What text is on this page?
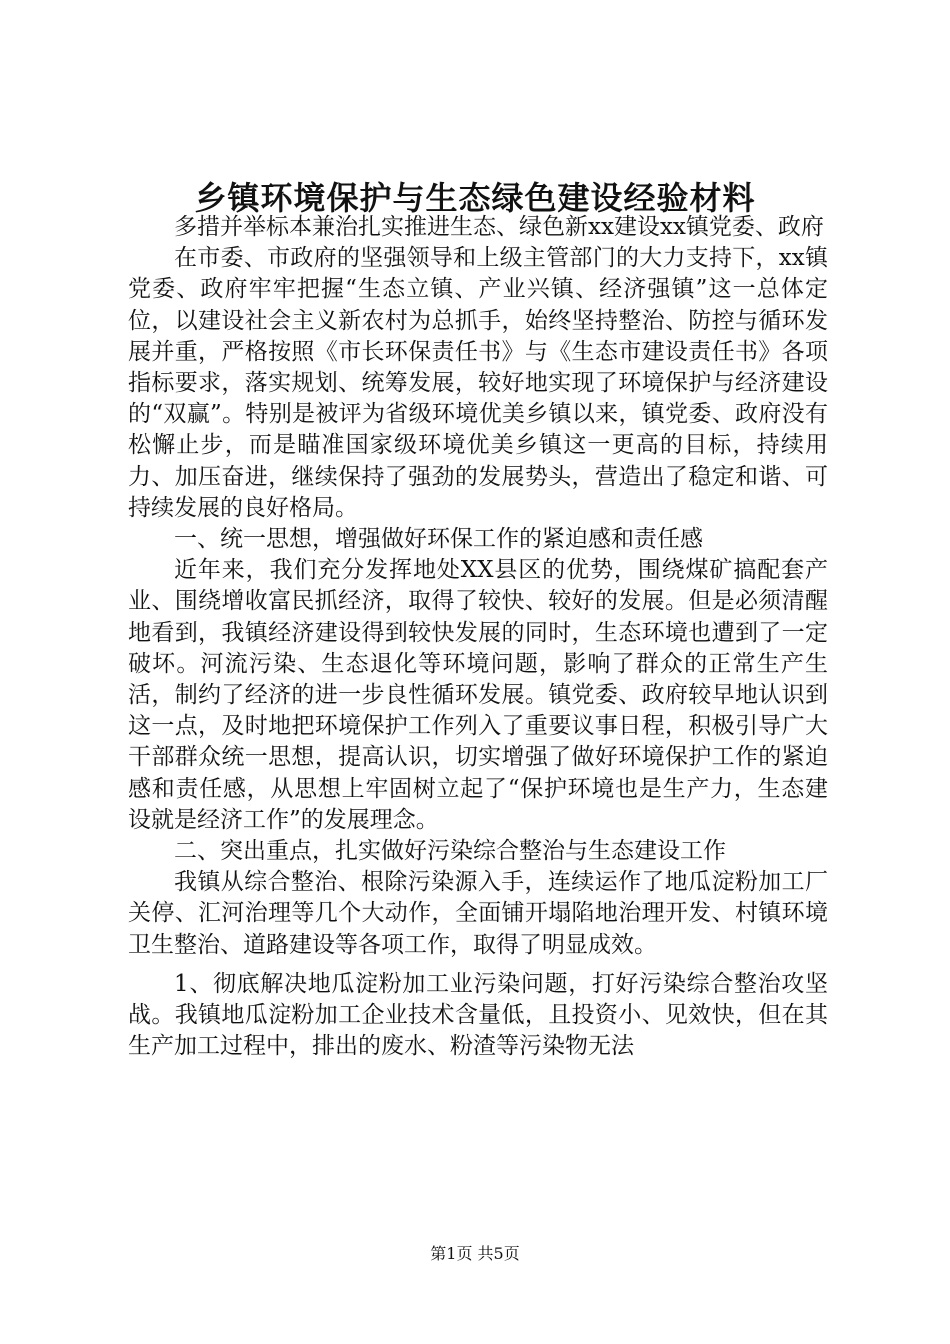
乡镇环境保护与生态绿色建设经验材料

多措并举标本兼治扎实推进生态、绿色新xx建设xx镇党委、政府

在市委、市政府的坚强领导和上级主管部门的大力支持下，xx镇党委、政府牢牢把握“生态立镇、产业兴镇、经济强镇”这一总体定位，以建设社会主义新农村为总抓手，始终坚持整治、防控与循环发展并重，严格按照《市长环保责任书》与《生态市建设责任书》各项指标要求，落实规划、统筹发展，较好地实现了环境保护与经济建设的“双赢”。特别是被评为省级环境优美乡镇以来，镇党委、政府没有松懈止步，而是瞄准国家级环境优美乡镇这一更高的目标，持续用力、加压奋进，继续保持了强劲的发展势头，营造出了稳定和谐、可持续发展的良好格局。

一、统一思想，增强做好环保工作的紧迫感和责任感

近年来，我们充分发挥地处XX县区的优势，围绕煤矿搞配套产业、围绕增收富民抓经济，取得了较快、较好的发展。但是必须清醒地看到，我镇经济建设得到较快发展的同时，生态环境也遭到了一定破坏。河流污染、生态退化等环境问题，影响了群众的正常生产生活，制约了经济的进一步良性循环发展。镇党委、政府较早地认识到这一点，及时地把环境保护工作列入了重要议事日程，积极引导广大干部群众统一思想，提高认识，切实增强了做好环境保护工作的紧迫感和责任感，从思想上牢固树立起了“保护环境也是生产力，生态建设就是经济工作”的发展理念。

二、突出重点，扎实做好污染综合整治与生态建设工作

我镇从综合整治、根除污染源入手，连续运作了地瓜淀粉加工厂关停、汇河治理等几个大动作，全面铺开塌陷地治理开发、村镇环境卫生整治、道路建设等各项工作，取得了明显成效。

1、彻底解决地瓜淀粉加工业污染问题，打好污染综合整治攻坚战。我镇地瓜淀粉加工企业技术含量低，且投资小、见效快，但在其生产加工过程中，排出的废水、粉渣等污染物无法

第1页 共5页
